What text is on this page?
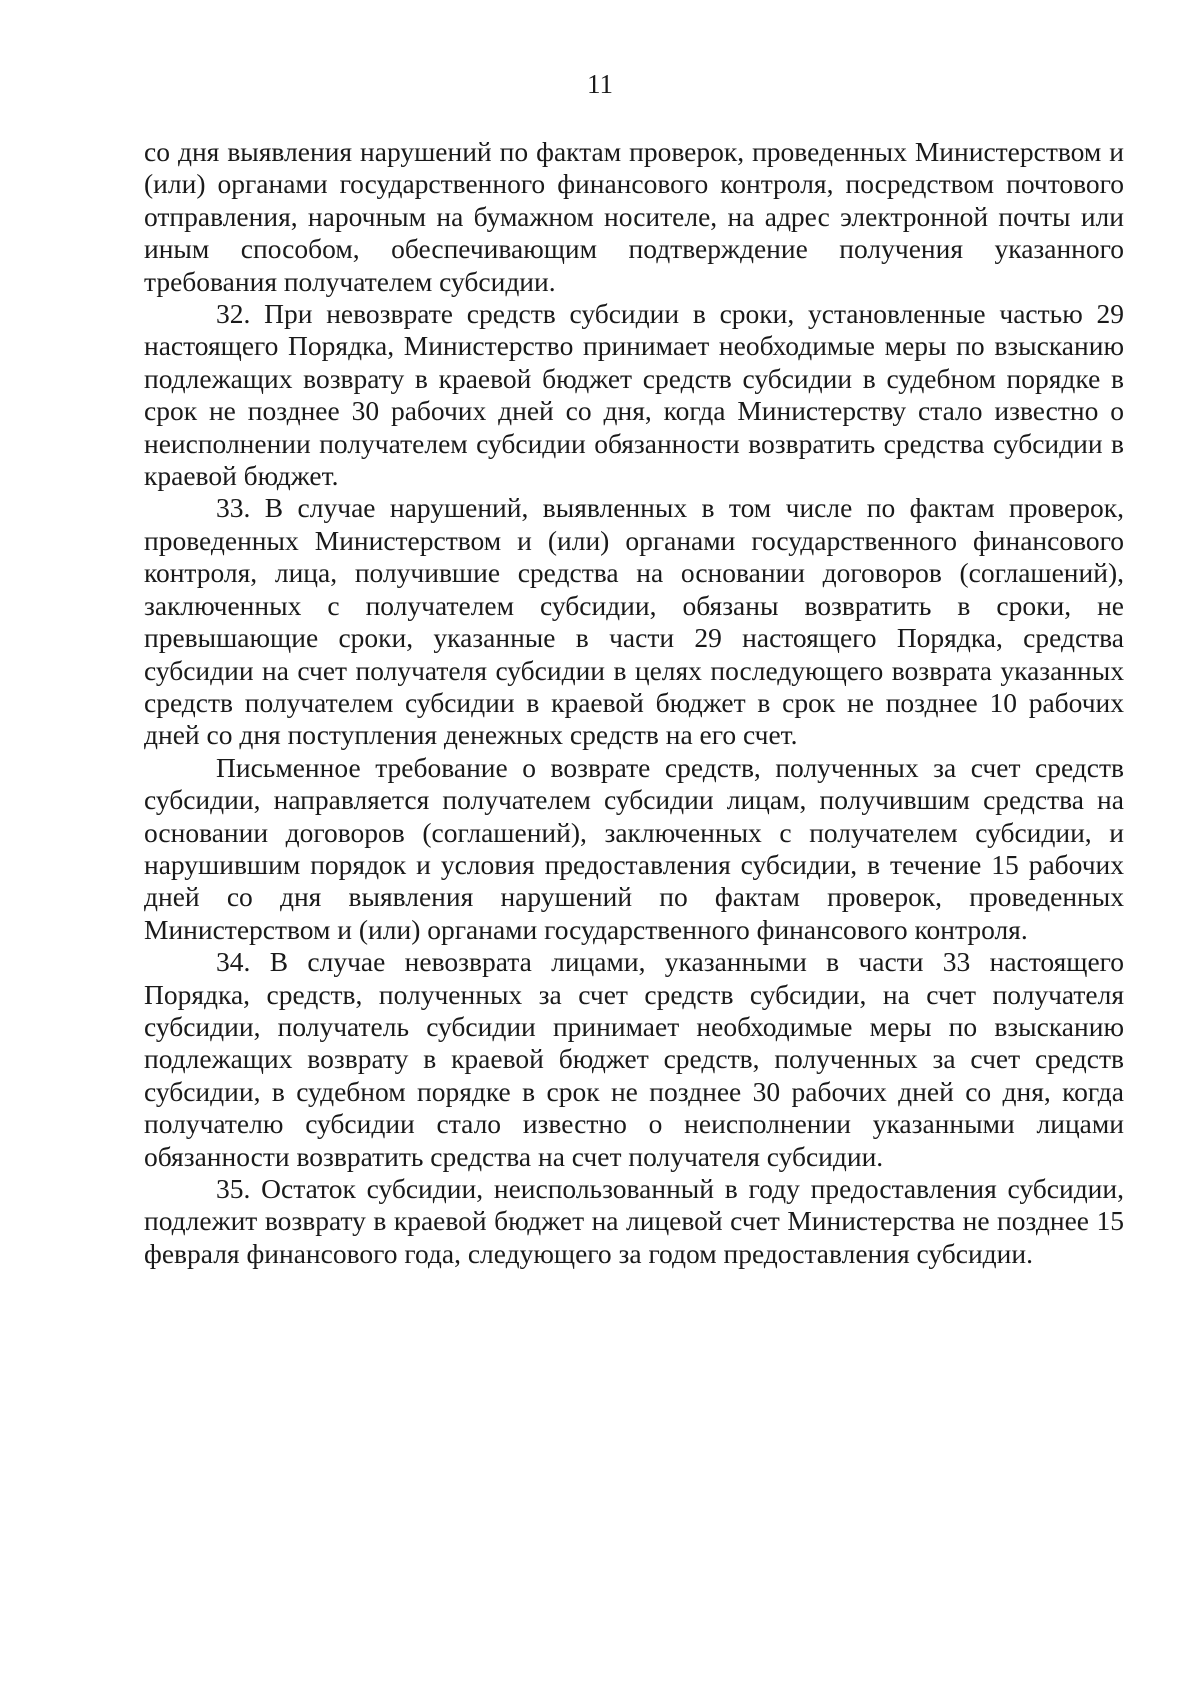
11

со дня выявления нарушений по фактам проверок, проведенных Министерством и (или) органами государственного финансового контроля, посредством почтового отправления, нарочным на бумажном носителе, на адрес электронной почты или иным способом, обеспечивающим подтверждение получения указанного требования получателем субсидии.

32. При невозврате средств субсидии в сроки, установленные частью 29 настоящего Порядка, Министерство принимает необходимые меры по взысканию подлежащих возврату в краевой бюджет средств субсидии в судебном порядке в срок не позднее 30 рабочих дней со дня, когда Министерству стало известно о неисполнении получателем субсидии обязанности возвратить средства субсидии в краевой бюджет.

33. В случае нарушений, выявленных в том числе по фактам проверок, проведенных Министерством и (или) органами государственного финансового контроля, лица, получившие средства на основании договоров (соглашений), заключенных с получателем субсидии, обязаны возвратить в сроки, не превышающие сроки, указанные в части 29 настоящего Порядка, средства субсидии на счет получателя субсидии в целях последующего возврата указанных средств получателем субсидии в краевой бюджет в срок не позднее 10 рабочих дней со дня поступления денежных средств на его счет.

Письменное требование о возврате средств, полученных за счет средств субсидии, направляется получателем субсидии лицам, получившим средства на основании договоров (соглашений), заключенных с получателем субсидии, и нарушившим порядок и условия предоставления субсидии, в течение 15 рабочих дней со дня выявления нарушений по фактам проверок, проведенных Министерством и (или) органами государственного финансового контроля.

34. В случае невозврата лицами, указанными в части 33 настоящего Порядка, средств, полученных за счет средств субсидии, на счет получателя субсидии, получатель субсидии принимает необходимые меры по взысканию подлежащих возврату в краевой бюджет средств, полученных за счет средств субсидии, в судебном порядке в срок не позднее 30 рабочих дней со дня, когда получателю субсидии стало известно о неисполнении указанными лицами обязанности возвратить средства на счет получателя субсидии.

35. Остаток субсидии, неиспользованный в году предоставления субсидии, подлежит возврату в краевой бюджет на лицевой счет Министерства не позднее 15 февраля финансового года, следующего за годом предоставления субсидии.
